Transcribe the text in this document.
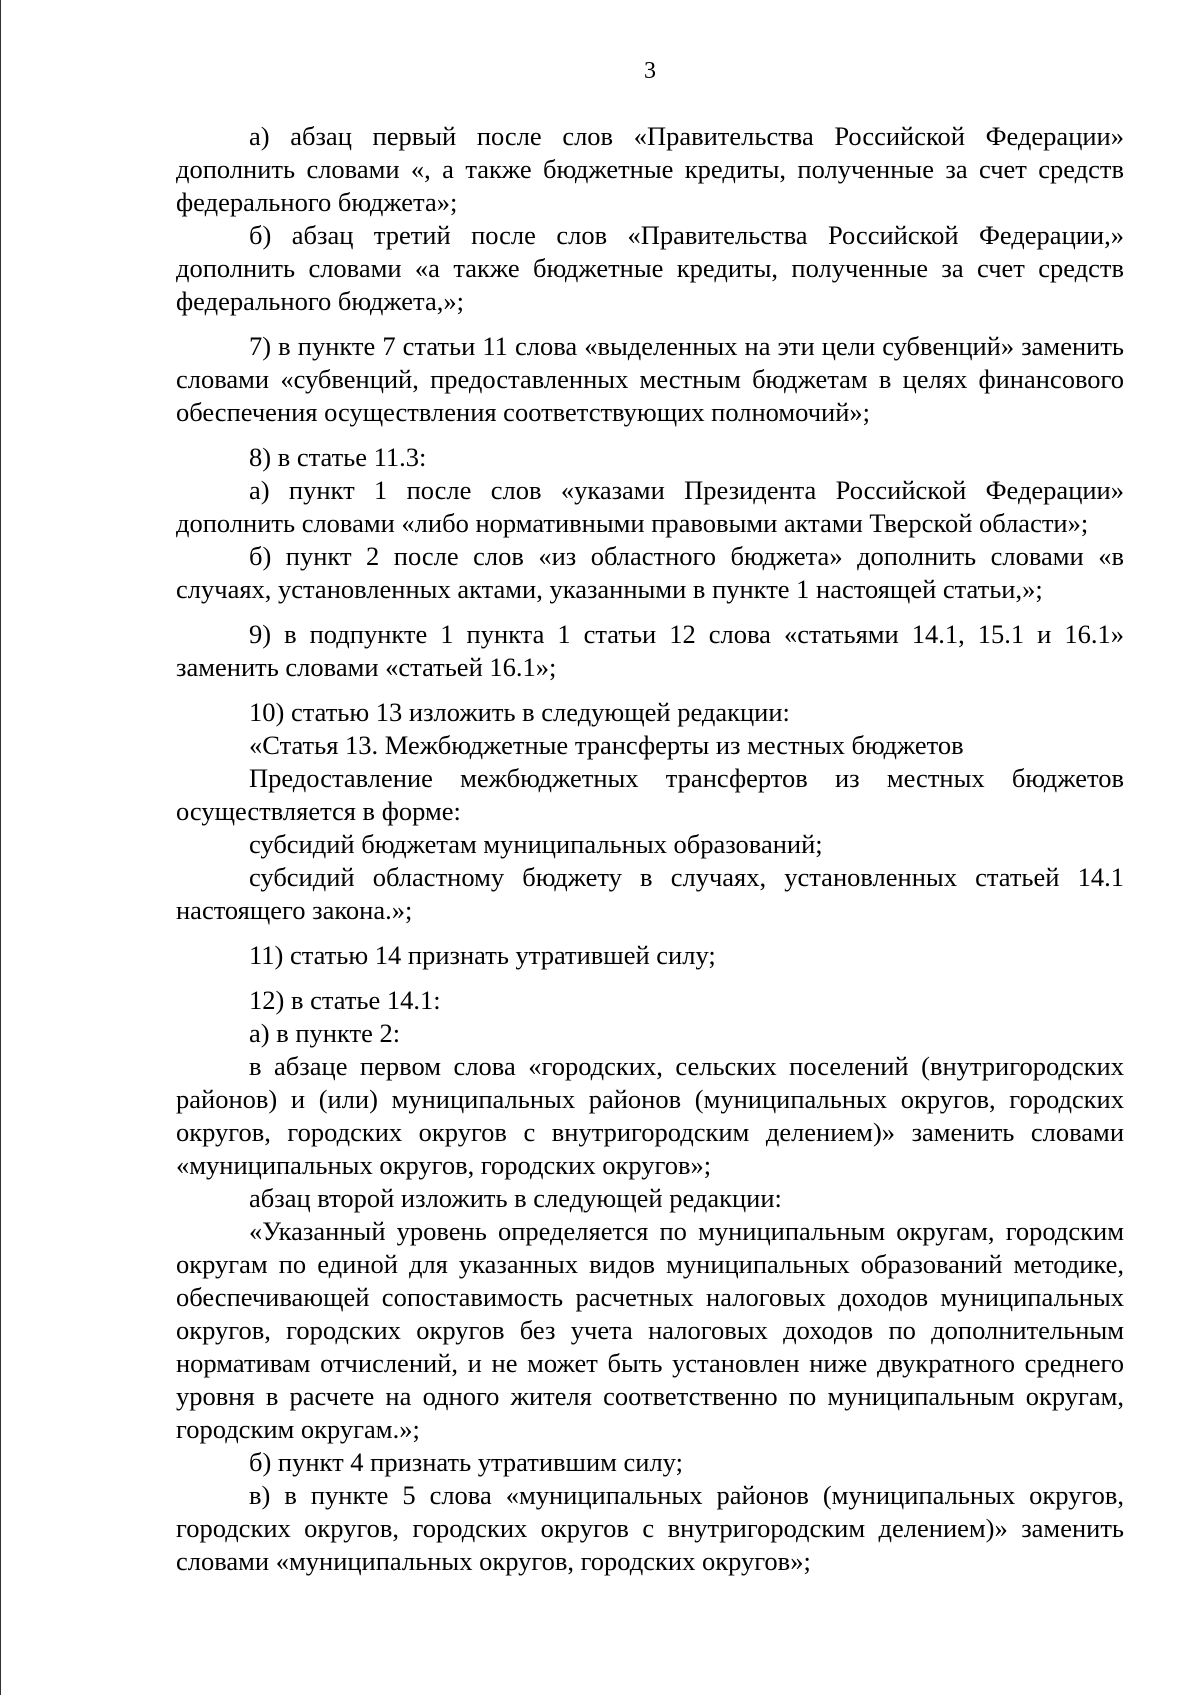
3

а) абзац первый после слов «Правительства Российской Федерации» дополнить словами «, а также бюджетные кредиты, полученные за счет средств федерального бюджета»;

б) абзац третий после слов «Правительства Российской Федерации,» дополнить словами «а также бюджетные кредиты, полученные за счет средств федерального бюджета,»;

7) в пункте 7 статьи 11 слова «выделенных на эти цели субвенций» заменить словами «субвенций, предоставленных местным бюджетам в целях финансового обеспечения осуществления соответствующих полномочий»;

8) в статье 11.3:

а) пункт 1 после слов «указами Президента Российской Федерации» дополнить словами «либо нормативными правовыми актами Тверской области»;

б) пункт 2 после слов «из областного бюджета» дополнить словами «в случаях, установленных актами, указанными в пункте 1 настоящей статьи,»;

9) в подпункте 1 пункта 1 статьи 12 слова «статьями 14.1, 15.1 и 16.1» заменить словами «статьей 16.1»;

10) статью 13 изложить в следующей редакции:

«Статья 13. Межбюджетные трансферты из местных бюджетов

Предоставление межбюджетных трансфертов из местных бюджетов осуществляется в форме:

субсидий бюджетам муниципальных образований;

субсидий областному бюджету в случаях, установленных статьей 14.1 настоящего закона.»;

11) статью 14 признать утратившей силу;

12) в статье 14.1:

а) в пункте 2:

в абзаце первом слова «городских, сельских поселений (внутригородских районов) и (или) муниципальных районов (муниципальных округов, городских округов, городских округов с внутригородским делением)» заменить словами «муниципальных округов, городских округов»;

абзац второй изложить в следующей редакции:

«Указанный уровень определяется по муниципальным округам, городским округам по единой для указанных видов муниципальных образований методике, обеспечивающей сопоставимость расчетных налоговых доходов муниципальных округов, городских округов без учета налоговых доходов по дополнительным нормативам отчислений, и не может быть установлен ниже двукратного среднего уровня в расчете на одного жителя соответственно по муниципальным округам, городским округам.»;

б) пункт 4 признать утратившим силу;

в) в пункте 5 слова «муниципальных районов (муниципальных округов, городских округов, городских округов с внутригородским делением)» заменить словами «муниципальных округов, городских округов»;
